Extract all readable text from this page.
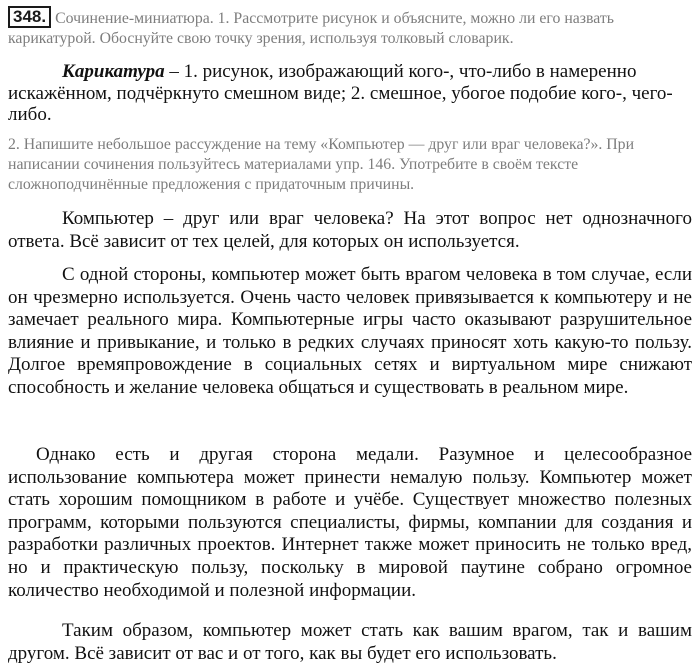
348. Сочинение-миниатюра. 1. Рассмотрите рисунок и объясните, можно ли его назвать карикатурой. Обоснуйте свою точку зрения, используя толковый словарик.
Карикатура – 1. рисунок, изображающий кого-, что-либо в намеренно искажённом, подчёркнуто смешном виде; 2. смешное, убогое подобие кого-, чего-либо.
2. Напишите небольшое рассуждение на тему «Компьютер — друг или враг человека?». При написании сочинения пользуйтесь материалами упр. 146. Употребите в своём тексте сложноподчинённые предложения с придаточным причины.

Компьютер – друг или враг человека? На этот вопрос нет однозначного ответа. Всё зависит от тех целей, для которых он используется.

С одной стороны, компьютер может быть врагом человека в том случае, если он чрезмерно используется. Очень часто человек привязывается к компьютеру и не замечает реального мира. Компьютерные игры часто оказывают разрушительное влияние и привыкание, и только в редких случаях приносят хоть какую-то пользу. Долгое времяпровождение в социальных сетях и виртуальном мире снижают способность и желание человека общаться и существовать в реальном мире.

Однако есть и другая сторона медали. Разумное и целесообразное использование компьютера может принести немалую пользу. Компьютер может стать хорошим помощником в работе и учёбе. Существует множество полезных программ, которыми пользуются специалисты, фирмы, компании для создания и разработки различных проектов. Интернет также может приносить не только вред, но и практическую пользу, поскольку в мировой паутине собрано огромное количество необходимой и полезной информации.

Таким образом, компьютер может стать как вашим врагом, так и вашим другом. Всё зависит от вас и от того, как вы будет его использовать.
